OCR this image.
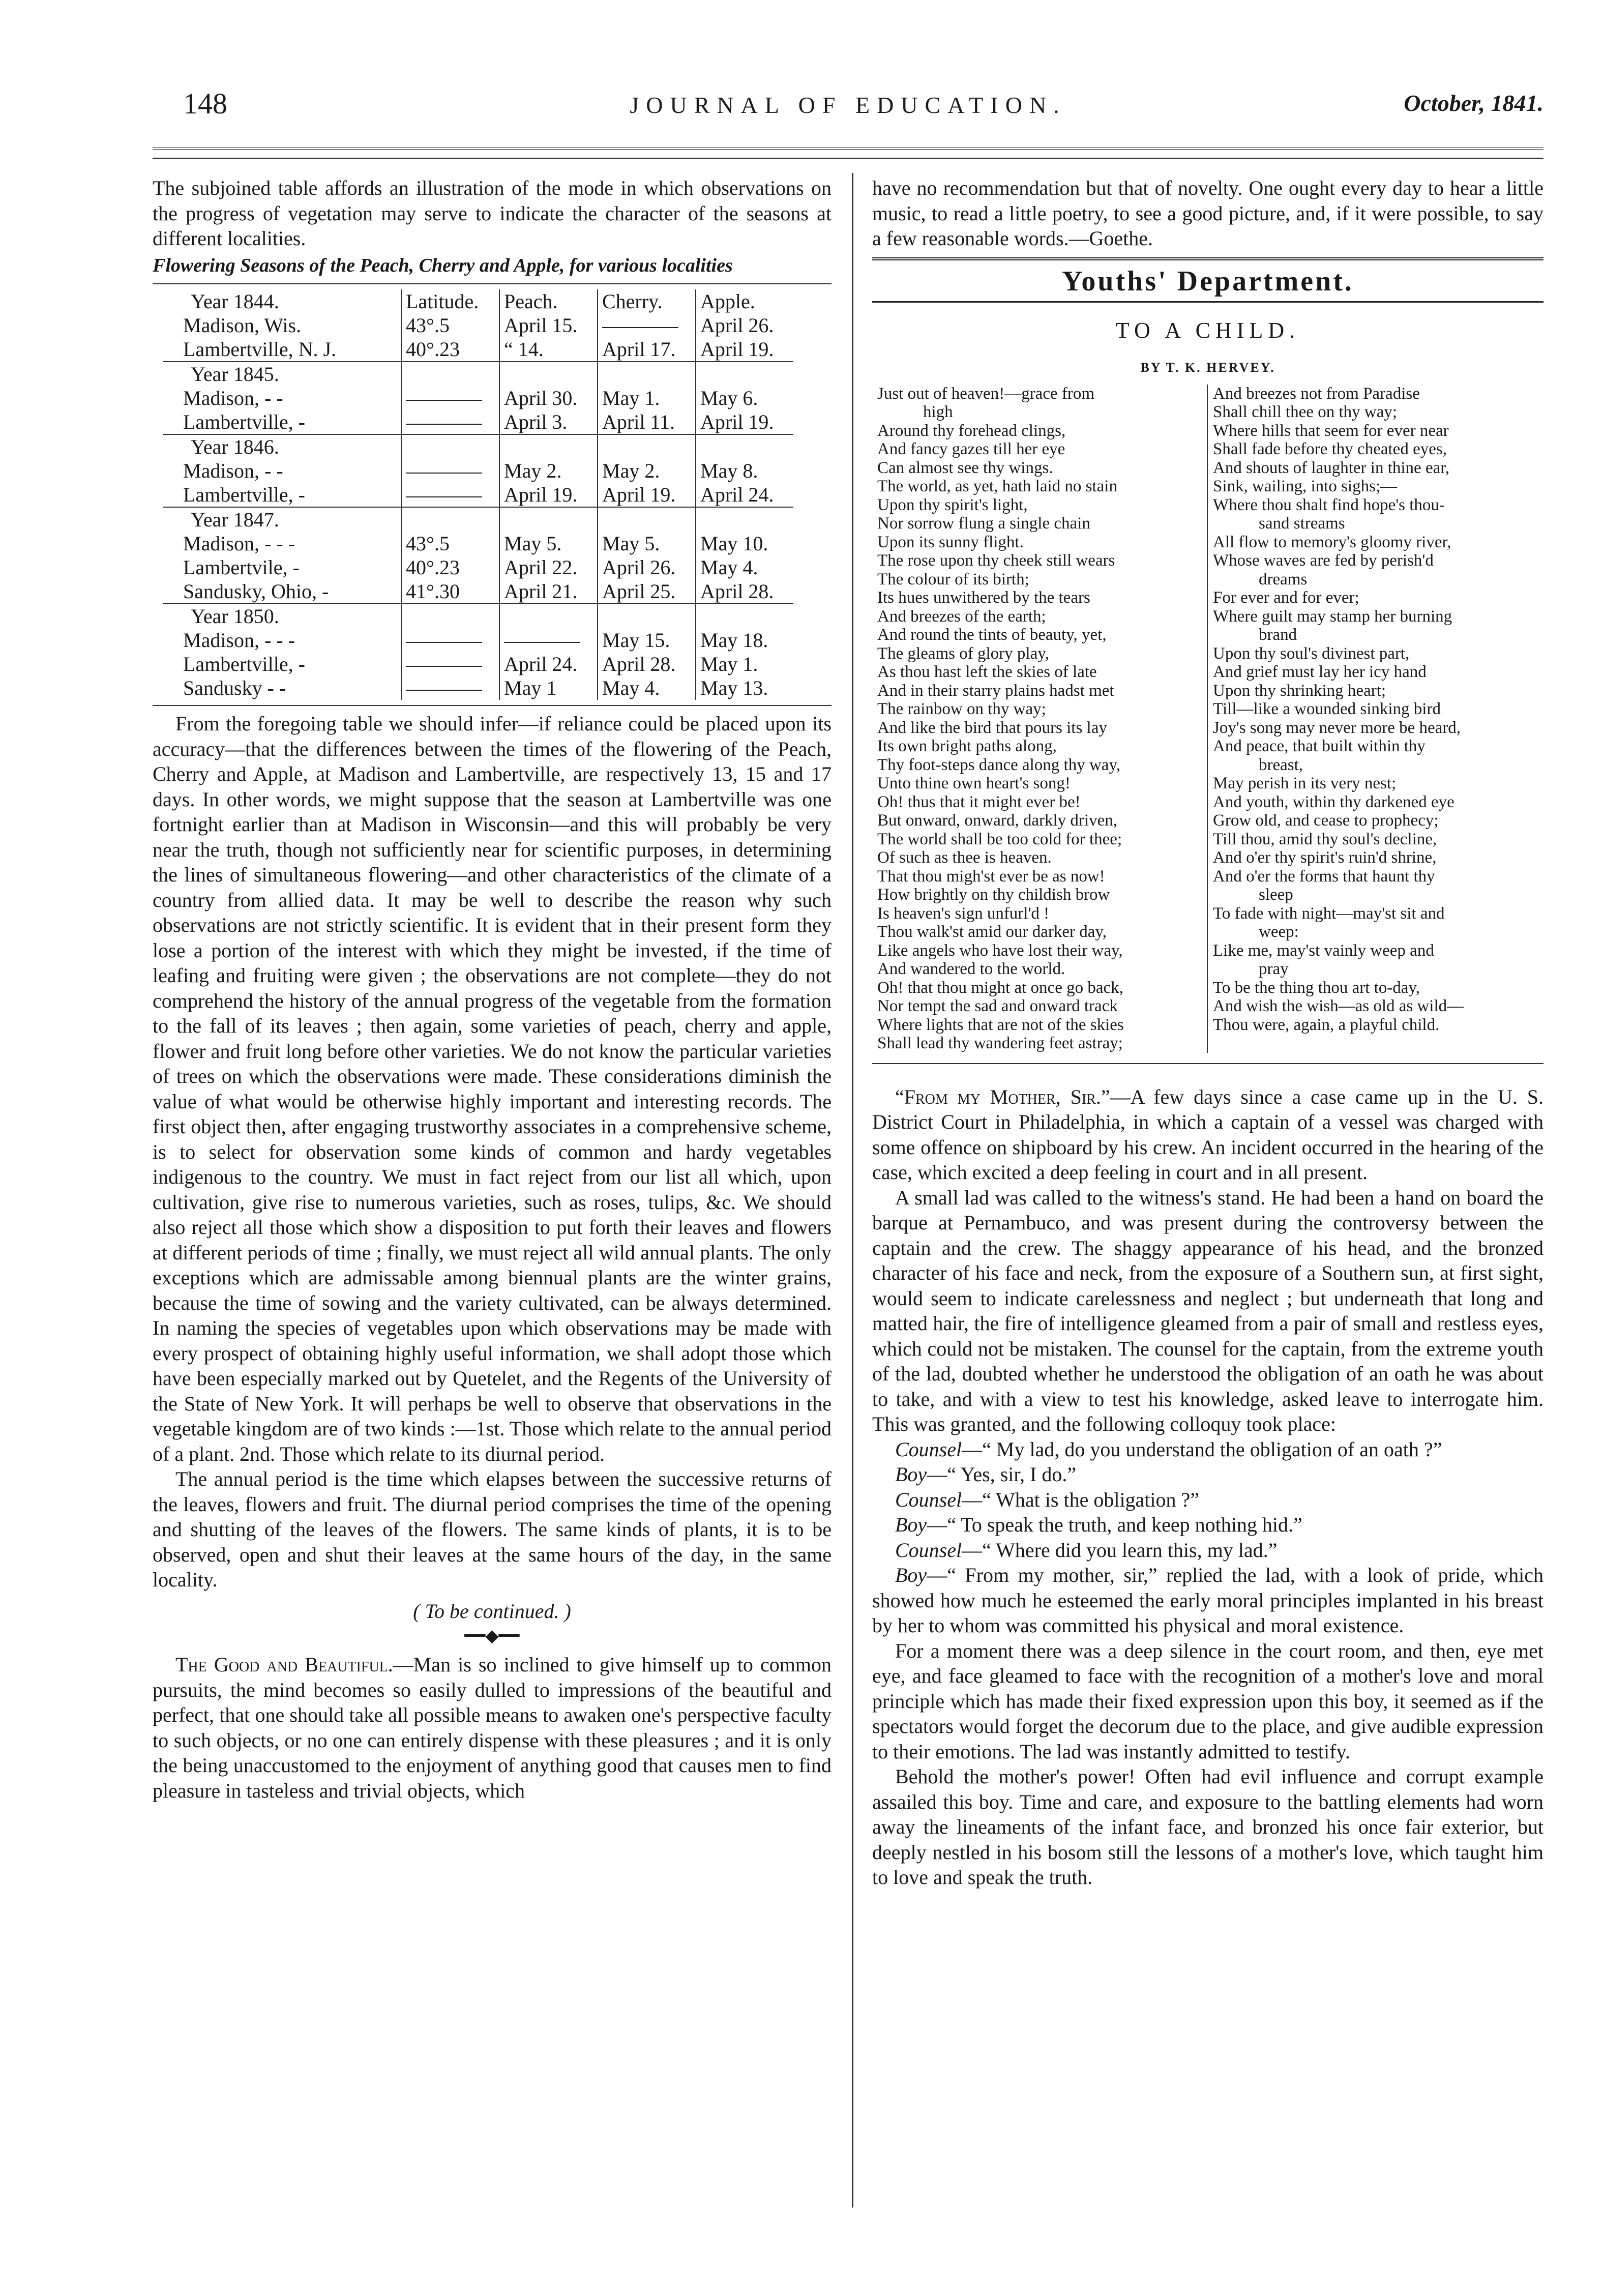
148	JOURNAL OF EDUCATION.	October, 1841.

The subjoined table affords an illustration of the mode in which observations on the progress of vegetation may serve to indicate the character of the seasons at different localities.

Flowering Seasons of the Peach, Cherry and Apple, for various localities

Year 1844.	Latitude.	Peach.	Cherry.	Apple.
Madison, Wis.	43°.5	April 15.		April 26.
Lambertville, N. J.	40°.23	“ 14.	April 17.	April 19.
Year 1845.				
Madison, - -		April 30.	May 1.	May 6.
Lambertville, -		April 3.	April 11.	April 19.
Year 1846.				
Madison, - -		May 2.	May 2.	May 8.
Lambertville, -		April 19.	April 19.	April 24.
Year 1847.				
Madison, - - -	43°.5	May 5.	May 5.	May 10.
Lambertvile, -	40°.23	April 22.	April 26.	May 4.
Sandusky, Ohio, -	41°.30	April 21.	April 25.	April 28.
Year 1850.				
Madison, - - -			May 15.	May 18.
Lambertville, -		April 24.	April 28.	May 1.
Sandusky - -		May 1	May 4.	May 13.

From the foregoing table we should infer—if reliance could be placed upon its accuracy—that the differences between the times of the flowering of the Peach, Cherry and Apple, at Madison and Lambertville, are respectively 13, 15 and 17 days. In other words, we might suppose that the season at Lambertville was one fortnight earlier than at Madison in Wisconsin—and this will probably be very near the truth, though not sufficiently near for scientific purposes, in determining the lines of simultaneous flowering—and other characteristics of the climate of a country from allied data. It may be well to describe the reason why such observations are not strictly scientific. It is evident that in their present form they lose a portion of the interest with which they might be invested, if the time of leafing and fruiting were given ; the observations are not complete—they do not comprehend the history of the annual progress of the vegetable from the formation to the fall of its leaves ; then again, some varieties of peach, cherry and apple, flower and fruit long before other varieties. We do not know the particular varieties of trees on which the observations were made. These considerations diminish the value of what would be otherwise highly important and interesting records. The first object then, after engaging trustworthy associates in a comprehensive scheme, is to select for observation some kinds of common and hardy vegetables indigenous to the country. We must in fact reject from our list all which, upon cultivation, give rise to numerous varieties, such as roses, tulips, &c. We should also reject all those which show a disposition to put forth their leaves and flowers at different periods of time ; finally, we must reject all wild annual plants. The only exceptions which are admissable among biennual plants are the winter grains, because the time of sowing and the variety cultivated, can be always determined. In naming the species of vegetables upon which observations may be made with every prospect of obtaining highly useful information, we shall adopt those which have been especially marked out by Quetelet, and the Regents of the University of the State of New York. It will perhaps be well to observe that observations in the vegetable kingdom are of two kinds :—1st. Those which relate to the annual period of a plant. 2nd. Those which relate to its diurnal period.

The annual period is the time which elapses between the successive returns of the leaves, flowers and fruit. The diurnal period comprises the time of the opening and shutting of the leaves of the flowers. The same kinds of plants, it is to be observed, open and shut their leaves at the same hours of the day, in the same locality.

( To be continued. )

━━◆━━

The Good and Beautiful.—Man is so inclined to give himself up to common pursuits, the mind becomes so easily dulled to impressions of the beautiful and perfect, that one should take all possible means to awaken one's perspective faculty to such objects, or no one can entirely dispense with these pleasures ; and it is only the being unaccustomed to the enjoyment of anything good that causes men to find pleasure in tasteless and trivial objects, which

have no recommendation but that of novelty. One ought every day to hear a little music, to read a little poetry, to see a good picture, and, if it were possible, to say a few reasonable words.—Goethe.

Youths' Department.
TO A CHILD.
BY T. K. HERVEY.

Just out of heaven!—grace from

high

Around thy forehead clings,

And fancy gazes till her eye

Can almost see thy wings.

The world, as yet, hath laid no stain

Upon thy spirit's light,

Nor sorrow flung a single chain

Upon its sunny flight.

The rose upon thy cheek still wears

The colour of its birth;

Its hues unwithered by the tears

And breezes of the earth;

And round the tints of beauty, yet,

The gleams of glory play,

As thou hast left the skies of late

And in their starry plains hadst met

The rainbow on thy way;

And like the bird that pours its lay

Its own bright paths along,

Thy foot-steps dance along thy way,

Unto thine own heart's song!

Oh! thus that it might ever be!

But onward, onward, darkly driven,

The world shall be too cold for thee;

Of such as thee is heaven.

That thou migh'st ever be as now!

How brightly on thy childish brow

Is heaven's sign unfurl'd !

Thou walk'st amid our darker day,

Like angels who have lost their way,

And wandered to the world.

Oh! that thou might at once go back,

Nor tempt the sad and onward track

Where lights that are not of the skies

Shall lead thy wandering feet astray;

And breezes not from Paradise

Shall chill thee on thy way;

Where hills that seem for ever near

Shall fade before thy cheated eyes,

And shouts of laughter in thine ear,

Sink, wailing, into sighs;—

Where thou shalt find hope's thou-

sand streams

All flow to memory's gloomy river,

Whose waves are fed by perish'd

dreams

For ever and for ever;

Where guilt may stamp her burning

brand

Upon thy soul's divinest part,

And grief must lay her icy hand

Upon thy shrinking heart;

Till—like a wounded sinking bird

Joy's song may never more be heard,

And peace, that built within thy

breast,

May perish in its very nest;

And youth, within thy darkened eye

Grow old, and cease to prophecy;

Till thou, amid thy soul's decline,

And o'er thy spirit's ruin'd shrine,

And o'er the forms that haunt thy

sleep

To fade with night—may'st sit and

weep:

Like me, may'st vainly weep and

pray

To be the thing thou art to-day,

And wish the wish—as old as wild—

Thou were, again, a playful child.

“From my Mother, Sir.”—A few days since a case came up in the U. S. District Court in Philadelphia, in which a captain of a vessel was charged with some offence on shipboard by his crew. An incident occurred in the hearing of the case, which excited a deep feeling in court and in all present.

A small lad was called to the witness's stand. He had been a hand on board the barque at Pernambuco, and was present during the controversy between the captain and the crew. The shaggy appearance of his head, and the bronzed character of his face and neck, from the exposure of a Southern sun, at first sight, would seem to indicate carelessness and neglect ; but underneath that long and matted hair, the fire of intelligence gleamed from a pair of small and restless eyes, which could not be mistaken. The counsel for the captain, from the extreme youth of the lad, doubted whether he understood the obligation of an oath he was about to take, and with a view to test his knowledge, asked leave to interrogate him. This was granted, and the following colloquy took place:

Counsel—“ My lad, do you understand the obligation of an oath ?”

Boy—“ Yes, sir, I do.”

Counsel—“ What is the obligation ?”

Boy—“ To speak the truth, and keep nothing hid.”

Counsel—“ Where did you learn this, my lad.”

Boy—“ From my mother, sir,” replied the lad, with a look of pride, which showed how much he esteemed the early moral principles implanted in his breast by her to whom was committed his physical and moral existence.

For a moment there was a deep silence in the court room, and then, eye met eye, and face gleamed to face with the recognition of a mother's love and moral principle which has made their fixed expression upon this boy, it seemed as if the spectators would forget the decorum due to the place, and give audible expression to their emotions. The lad was instantly admitted to testify.

Behold the mother's power! Often had evil influence and corrupt example assailed this boy. Time and care, and exposure to the battling elements had worn away the lineaments of the infant face, and bronzed his once fair exterior, but deeply nestled in his bosom still the lessons of a mother's love, which taught him to love and speak the truth.
